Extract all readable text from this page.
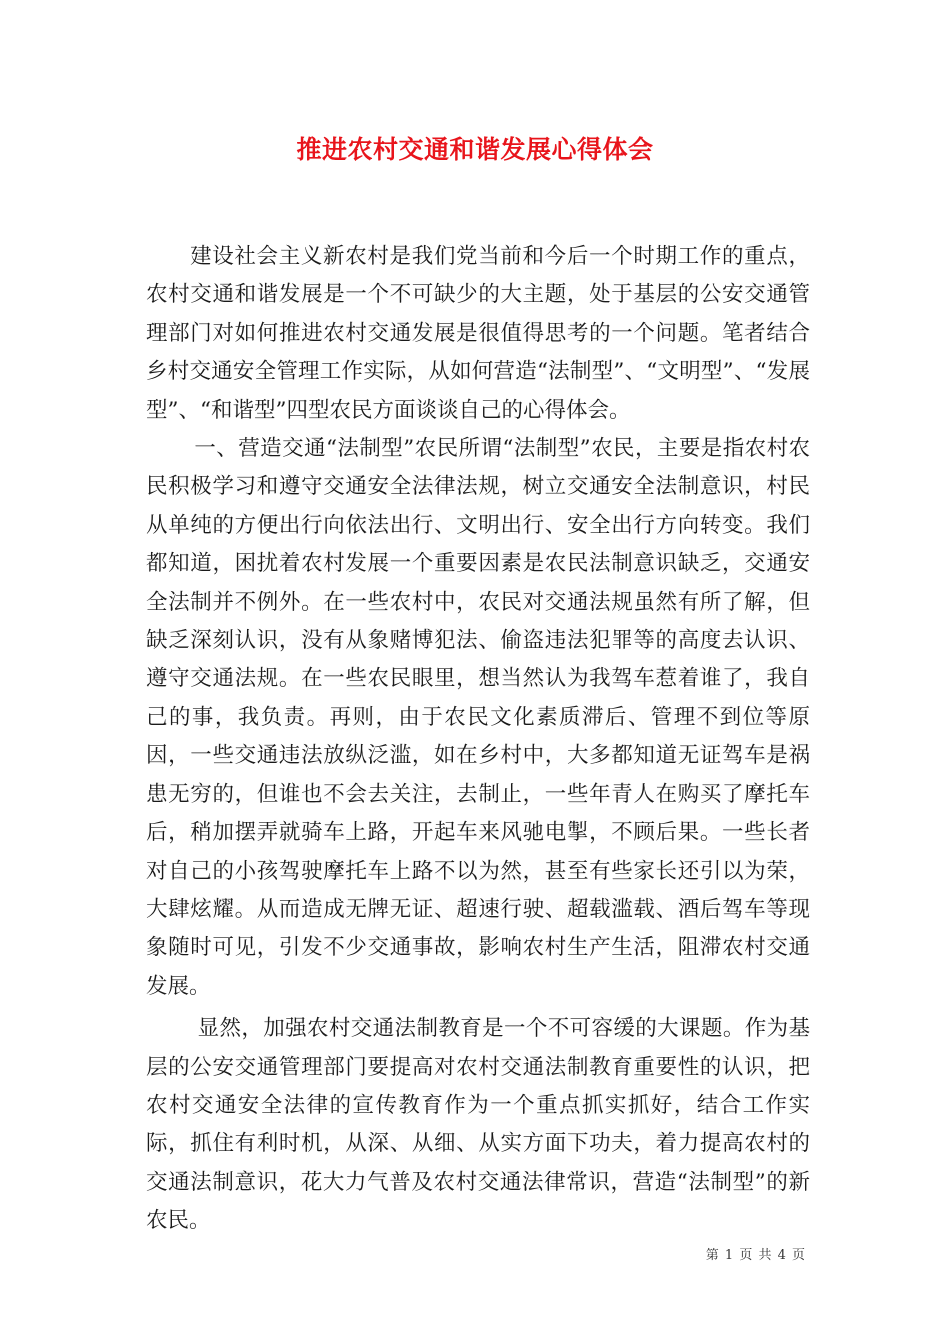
推进农村交通和谐发展心得体会

建设社会主义新农村是我们党当前和今后一个时期工作的重点，农村交通和谐发展是一个不可缺少的大主题，处于基层的公安交通管理部门对如何推进农村交通发展是很值得思考的一个问题。笔者结合乡村交通安全管理工作实际，从如何营造“法制型”、“文明型”、“发展型”、“和谐型”四型农民方面谈谈自己的心得体会。

一、营造交通“法制型”农民所谓“法制型”农民，主要是指农村农民积极学习和遵守交通安全法律法规，树立交通安全法制意识，村民从单纯的方便出行向依法出行、文明出行、安全出行方向转变。我们都知道，困扰着农村发展一个重要因素是农民法制意识缺乏，交通安全法制并不例外。在一些农村中，农民对交通法规虽然有所了解，但缺乏深刻认识，没有从象赌博犯法、偷盗违法犯罪等的高度去认识、遵守交通法规。在一些农民眼里，想当然认为我驾车惹着谁了，我自己的事，我负责。再则，由于农民文化素质滞后、管理不到位等原因，一些交通违法放纵泛滥，如在乡村中，大多都知道无证驾车是祸患无穷的，但谁也不会去关注，去制止，一些年青人在购买了摩托车后，稍加摆弄就骑车上路，开起车来风驰电掣，不顾后果。一些长者对自己的小孩驾驶摩托车上路不以为然，甚至有些家长还引以为荣，大肆炫耀。从而造成无牌无证、超速行驶、超载滥载、酒后驾车等现象随时可见，引发不少交通事故，影响农村生产生活，阻滞农村交通发展。

显然，加强农村交通法制教育是一个不可容缓的大课题。作为基层的公安交通管理部门要提高对农村交通法制教育重要性的认识，把农村交通安全法律的宣传教育作为一个重点抓实抓好，结合工作实际，抓住有利时机，从深、从细、从实方面下功夫，着力提高农村的交通法制意识，花大力气普及农村交通法律常识，营造“法制型”的新农民。

第 1 页 共 4 页
